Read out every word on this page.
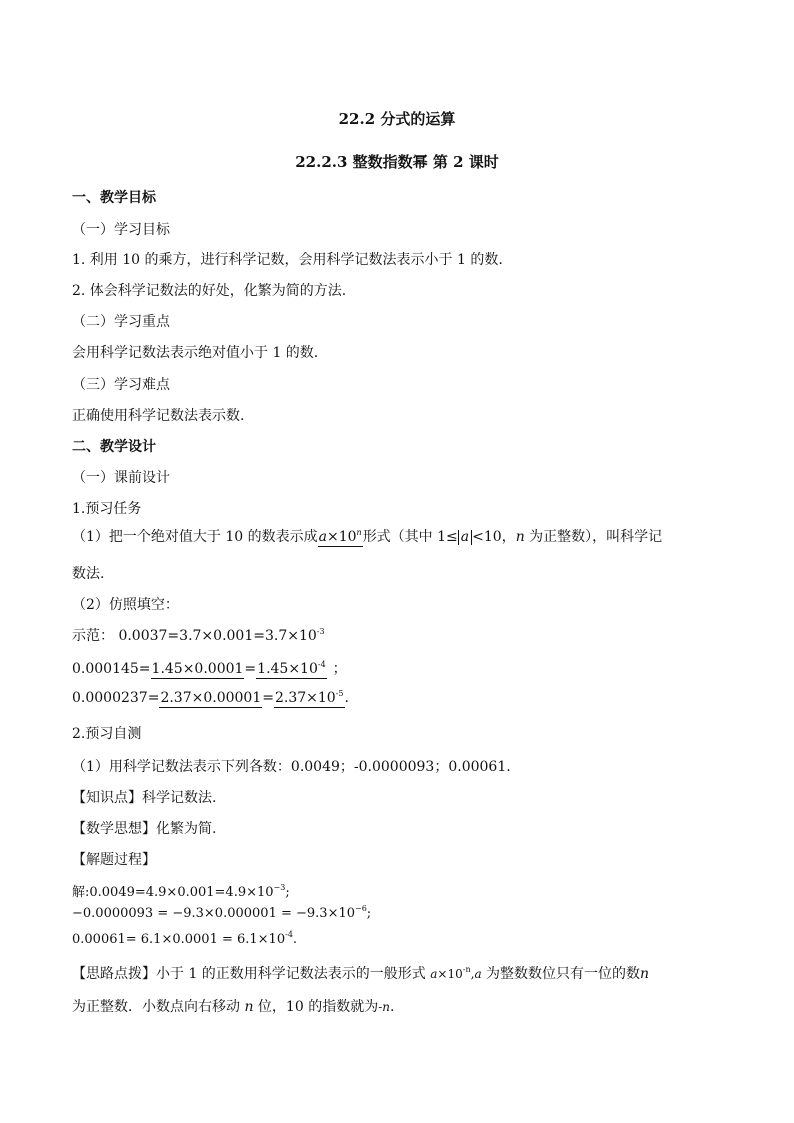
22.2 分式的运算
22.2.3 整数指数幂 第 2 课时
一、教学目标
（一）学习目标
1. 利用 10 的乘方，进行科学记数，会用科学记数法表示小于 1 的数.
2. 体会科学记数法的好处，化繁为简的方法.
（二）学习重点
会用科学记数法表示绝对值小于 1 的数.
（三）学习难点
正确使用科学记数法表示数.
二、教学设计
（一）课前设计
1.预习任务
（1）把一个绝对值大于 10 的数表示成$a\times 10^n$形式（其中 1≤ a <10，n 为正整数），叫科学记
数法.
（2）仿照填空：
示范： $0.0037=3.7\times 0.001=3.7\times 10^{-3}$
$0.000145=1.45\times 0.0001=1.45\times 10^{-4}$ ；
$0.0000237=2.37\times 0.00001=2.37\times 10^{-5}$.
2.预习自测
（1）用科学记数法表示下列各数：0.0049；-0.0000093；0.00061.
【知识点】科学记数法.
【数学思想】化繁为简.
【解题过程】
解$:0.0049=4.9\times 0.001=4.9\times 10^{-3}$;
$-0.0000093 = -9.3\times 0.000001 = -9.3\times 10^{-6}$;
$0.00061= 6.1\times 0.0001 = 6.1\times 10^{-4}$.
【思路点拨】小于 1 的正数用科学记数法表示的一般形式 $a\times 10^{-n},a$ 为整数数位只有一位的数n
为正整数．小数点向右移动 n 位，10 的指数就为-n.
